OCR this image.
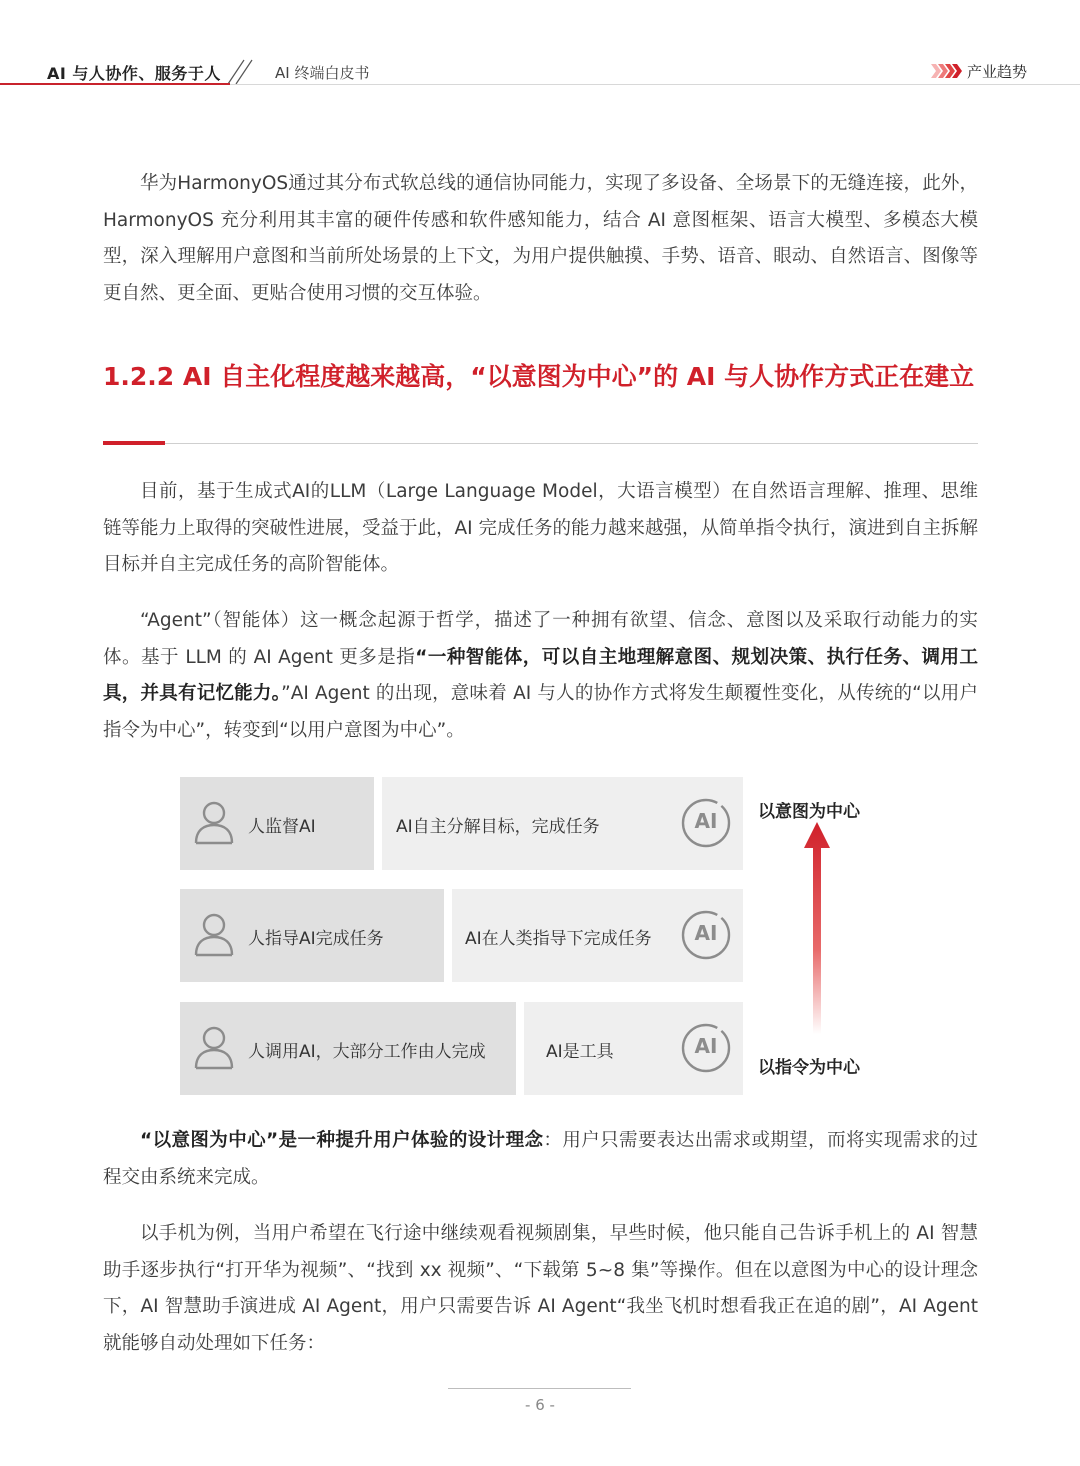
AI 与人协作、服务于人	AI 终端白皮书	产业趋势

华为HarmonyOS通过其分布式软总线的通信协同能力，实现了多设备、全场景下的无缝连接，此外，HarmonyOS 充分利用其丰富的硬件传感和软件感知能力，结合 AI 意图框架、语言大模型、多模态大模型，深入理解用户意图和当前所处场景的上下文，为用户提供触摸、手势、语音、眼动、自然语言、图像等更自然、更全面、更贴合使用习惯的交互体验。

1.2.2 AI 自主化程度越来越高，“以意图为中心”的 AI 与人协作方式正在建立

目前，基于生成式AI的LLM（Large Language Model，大语言模型）在自然语言理解、推理、思维链等能力上取得的突破性进展，受益于此，AI 完成任务的能力越来越强，从简单指令执行，演进到自主拆解目标并自主完成任务的高阶智能体。

“Agent”（智能体）这一概念起源于哲学，描述了一种拥有欲望、信念、意图以及采取行动能力的实体。基于 LLM 的 AI Agent 更多是指“一种智能体，可以自主地理解意图、规划决策、执行任务、调用工具，并具有记忆能力。”AI Agent 的出现，意味着 AI 与人的协作方式将发生颠覆性变化，从传统的“以用户指令为中心”，转变到“以用户意图为中心”。

人监督AI	AI自主分解目标，完成任务
人指导AI完成任务	AI在人类指导下完成任务
人调用AI，大部分工作由人完成	AI是工具
AI
AI
AI
以意图为中心
以指令为中心

“以意图为中心”是一种提升用户体验的设计理念：用户只需要表达出需求或期望，而将实现需求的过程交由系统来完成。

以手机为例，当用户希望在飞行途中继续观看视频剧集，早些时候，他只能自己告诉手机上的 AI 智慧助手逐步执行“打开华为视频”、“找到 xx 视频”、“下载第 5~8 集”等操作。但在以意图为中心的设计理念下，AI 智慧助手演进成 AI Agent，用户只需要告诉 AI Agent“我坐飞机时想看我正在追的剧”，AI Agent 就能够自动处理如下任务：

- 6 -
